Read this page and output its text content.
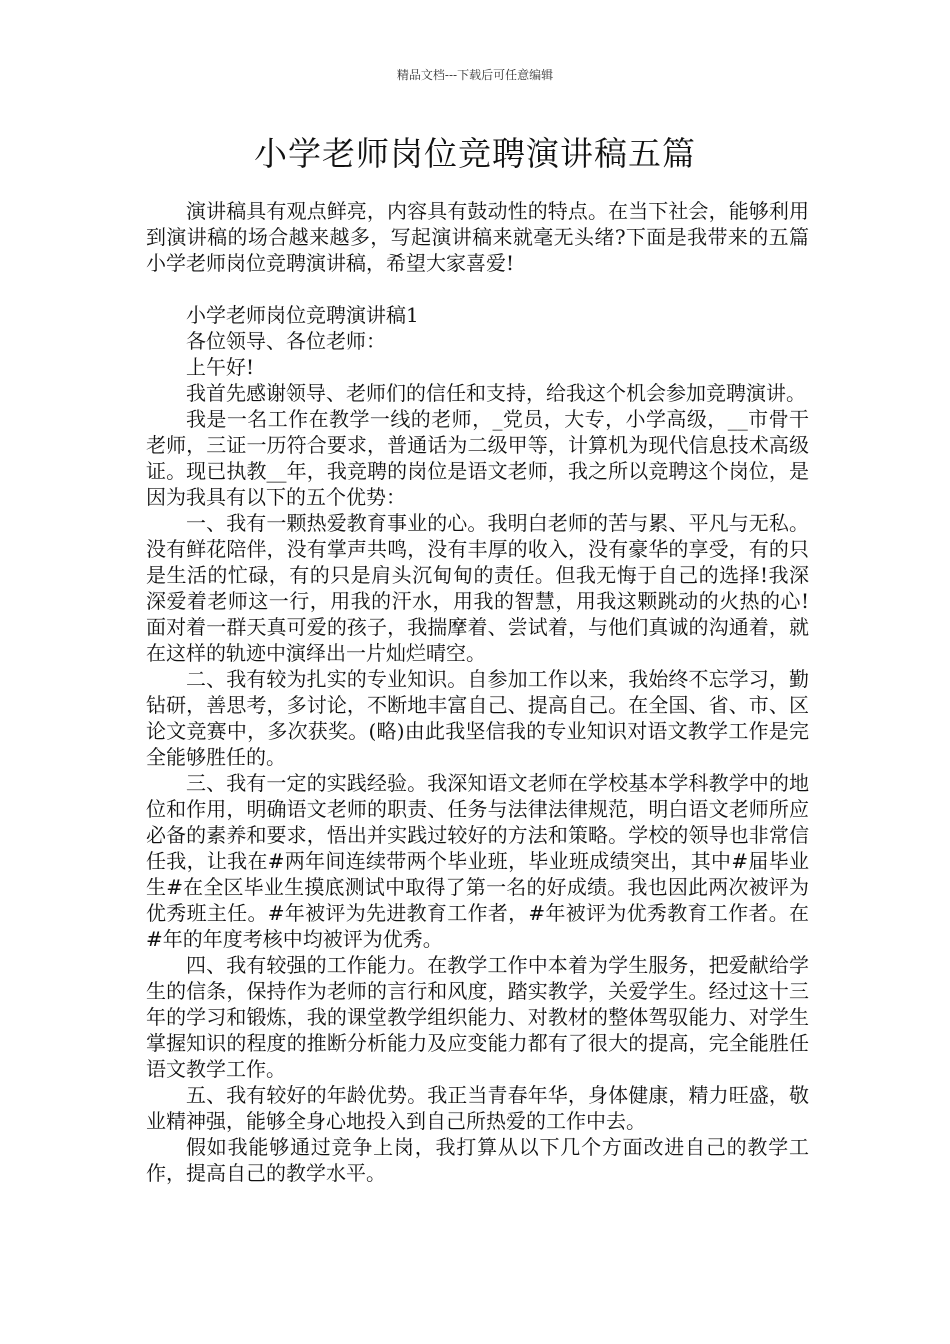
精品文档---下载后可任意编辑
小学老师岗位竞聘演讲稿五篇

演讲稿具有观点鲜亮，内容具有鼓动性的特点。在当下社会，能够利用到演讲稿的场合越来越多，写起演讲稿来就毫无头绪?下面是我带来的五篇小学老师岗位竞聘演讲稿，希望大家喜爱!

小学老师岗位竞聘演讲稿1

各位领导、各位老师：

上午好!

我首先感谢领导、老师们的信任和支持，给我这个机会参加竞聘演讲。

我是一名工作在教学一线的老师，_党员，大专，小学高级，__市骨干老师，三证一历符合要求，普通话为二级甲等，计算机为现代信息技术高级证。现已执教__年，我竞聘的岗位是语文老师，我之所以竞聘这个岗位，是因为我具有以下的五个优势：

一、我有一颗热爱教育事业的心。我明白老师的苦与累、平凡与无私。没有鲜花陪伴，没有掌声共鸣，没有丰厚的收入，没有豪华的享受，有的只是生活的忙碌，有的只是肩头沉甸甸的责任。但我无悔于自己的选择!我深深爱着老师这一行，用我的汗水，用我的智慧，用我这颗跳动的火热的心!面对着一群天真可爱的孩子，我揣摩着、尝试着，与他们真诚的沟通着，就在这样的轨迹中演绎出一片灿烂晴空。

二、我有较为扎实的专业知识。自参加工作以来，我始终不忘学习，勤钻研，善思考，多讨论，不断地丰富自己、提高自己。在全国、省、市、区论文竞赛中，多次获奖。(略)由此我坚信我的专业知识对语文教学工作是完全能够胜任的。

三、我有一定的实践经验。我深知语文老师在学校基本学科教学中的地位和作用，明确语文老师的职责、任务与法律法律规范，明白语文老师所应必备的素养和要求，悟出并实践过较好的方法和策略。学校的领导也非常信任我，让我在#两年间连续带两个毕业班，毕业班成绩突出，其中#届毕业生#在全区毕业生摸底测试中取得了第一名的好成绩。我也因此两次被评为优秀班主任。#年被评为先进教育工作者，#年被评为优秀教育工作者。在#年的年度考核中均被评为优秀。

四、我有较强的工作能力。在教学工作中本着为学生服务，把爱献给学生的信条，保持作为老师的言行和风度，踏实教学，关爱学生。经过这十三年的学习和锻炼，我的课堂教学组织能力、对教材的整体驾驭能力、对学生掌握知识的程度的推断分析能力及应变能力都有了很大的提高，完全能胜任语文教学工作。

五、我有较好的年龄优势。我正当青春年华，身体健康，精力旺盛，敬业精神强，能够全身心地投入到自己所热爱的工作中去。

假如我能够通过竞争上岗，我打算从以下几个方面改进自己的教学工作，提高自己的教学水平。
